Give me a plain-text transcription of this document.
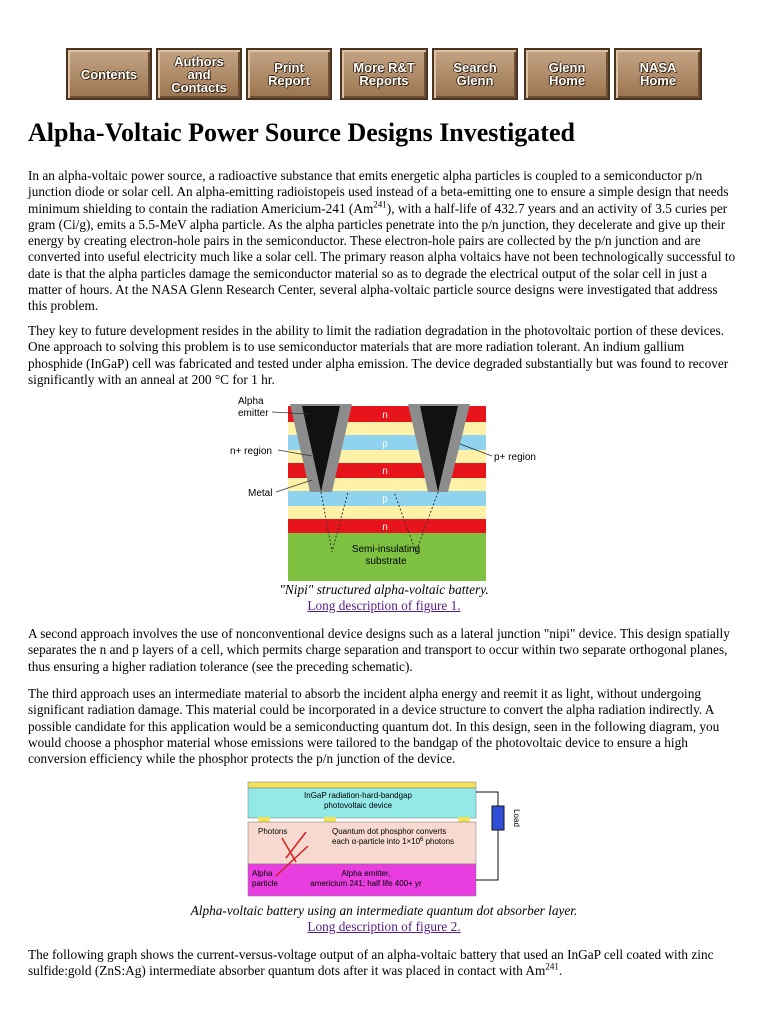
Contents
Authors
and
Contacts
Print
Report
More R&T
Reports
Search
Glenn
Glenn
Home
NASA
Home
Alpha-Voltaic Power Source Designs Investigated

In an alpha-voltaic power source, a radioactive substance that emits energetic alpha particles is coupled to a semiconductor p/n junction diode or solar cell. An alpha-emitting radioistopeis used instead of a beta-emitting one to ensure a simple design that needs minimum shielding to contain the radiation Americium-241 (Am$^{241}$), with a half-life of 432.7 years and an activity of 3.5 curies per gram (Ci/g), emits a 5.5-MeV alpha particle. As the alpha particles penetrate into the p/n junction, they decelerate and give up their energy by creating electron-hole pairs in the semiconductor. These electron-hole pairs are collected by the p/n junction and are converted into useful electricity much like a solar cell. The primary reason alpha voltaics have not been technologically successful to date is that the alpha particles damage the semiconductor material so as to degrade the electrical output of the solar cell in just a matter of hours. At the NASA Glenn Research Center, several alpha-voltaic particle source designs were investigated that address this problem.

They key to future development resides in the ability to limit the radiation degradation in the photovoltaic portion of these devices. One approach to solving this problem is to use semiconductor materials that are more radiation tolerant. An indium gallium phosphide (InGaP) cell was fabricated and tested under alpha emission. The device degraded substantially but was found to recover significantly with an anneal at 200 °C for 1 hr.

n
p
n
p
n
Alpha
emitter
n+ region
p+ region
Metal
Semi-insulating
substrate
"Nipi" structured alpha-voltaic battery.
Long description of figure 1.

A second approach involves the use of nonconventional device designs such as a lateral junction "nipi" device. This design spatially separates the n and p layers of a cell, which permits charge separation and transport to occur within two separate orthogonal planes, thus ensuring a higher radiation tolerance (see the preceding schematic).

The third approach uses an intermediate material to absorb the incident alpha energy and reemit it as light, without undergoing significant radiation damage. This material could be incorporated in a device structure to convert the alpha radiation indirectly. A possible candidate for this application would be a semiconducting quantum dot. In this design, seen in the following diagram, you would choose a phosphor material whose emissions were tailored to the bandgap of the photovoltaic device to ensure a high conversion efficiency while the phosphor protects the p/n junction of the device.

Load
InGaP radiation-hard-bandgap
photovoltaic device
Photons	Quantum dot phosphor converts
each α-particle into $1\times 10^6$ photons
Alpha
particle
Alpha emitter,
americium 241; half life 400+ yr
Alpha-voltaic battery using an intermediate quantum dot absorber layer.
Long description of figure 2.

The following graph shows the current-versus-voltage output of an alpha-voltaic battery that used an InGaP cell coated with zinc sulfide:gold (ZnS:Ag) intermediate absorber quantum dots after it was placed in contact with Am$^{241}$.
